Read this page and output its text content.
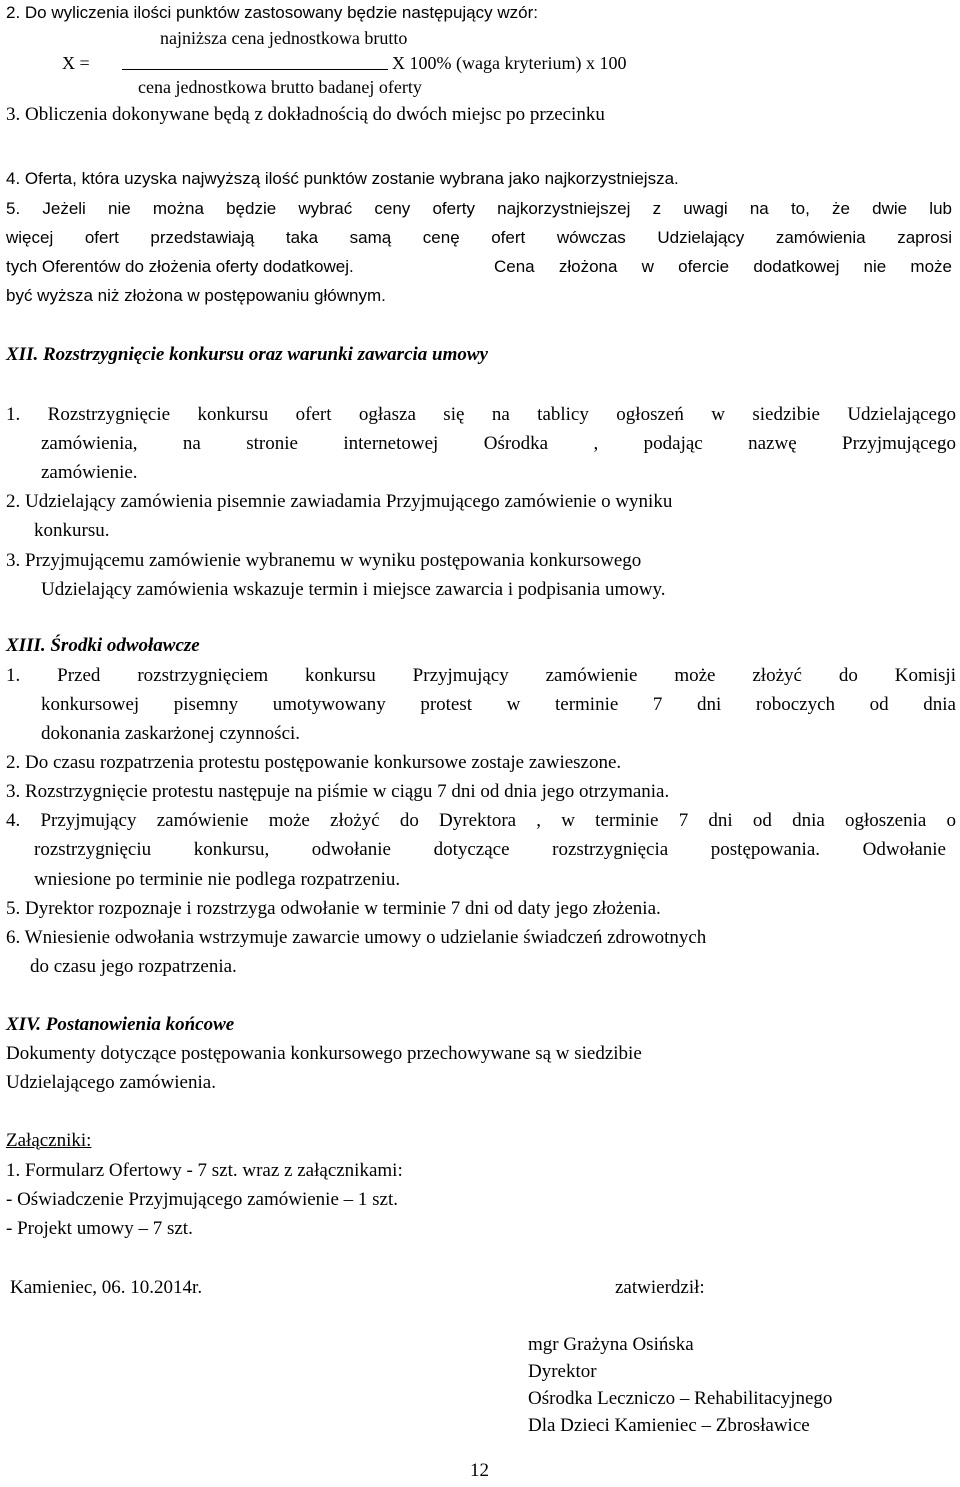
2. Do wyliczenia ilości punktów zastosowany będzie następujący wzór:
najniższa cena jednostkowa brutto
X =	X 100% (waga kryterium) x 100
cena jednostkowa brutto badanej oferty
3. Obliczenia dokonywane będą z dokładnością do dwóch miejsc po przecinku
4. Oferta, która uzyska najwyższą ilość punktów zostanie wybrana jako najkorzystniejsza.
5. Jeżeli nie można będzie wybrać ceny oferty najkorzystniejszej z uwagi na to, że dwie lub
więcej ofert przedstawiają taka samą cenę ofert wówczas Udzielający zamówienia zaprosi
tych Oferentów do złożenia oferty dodatkowej.	Cena złożona w ofercie dodatkowej nie może
być wyższa niż złożona w postępowaniu głównym.
XII. Rozstrzygnięcie konkursu oraz warunki zawarcia umowy
1. Rozstrzygnięcie konkursu ofert ogłasza się na tablicy ogłoszeń w siedzibie Udzielającego
zamówienia, na stronie internetowej Ośrodka , podając nazwę Przyjmującego
zamówienie.
2. Udzielający zamówienia pisemnie zawiadamia Przyjmującego zamówienie o wyniku
konkursu.
3. Przyjmującemu zamówienie wybranemu w wyniku postępowania konkursowego
Udzielający zamówienia wskazuje termin i miejsce zawarcia i podpisania umowy.
XIII. Środki odwoławcze
1. Przed rozstrzygnięciem konkursu Przyjmujący zamówienie może złożyć do Komisji
konkursowej pisemny umotywowany protest w terminie 7 dni roboczych od dnia
dokonania zaskarżonej czynności.
2. Do czasu rozpatrzenia protestu postępowanie konkursowe zostaje zawieszone.
3. Rozstrzygnięcie protestu następuje na piśmie w ciągu 7 dni od dnia jego otrzymania.
4. Przyjmujący zamówienie może złożyć do Dyrektora , w terminie 7 dni od dnia ogłoszenia o
rozstrzygnięciu konkursu, odwołanie dotyczące rozstrzygnięcia postępowania. Odwołanie
wniesione po terminie nie podlega rozpatrzeniu.
5. Dyrektor rozpoznaje i rozstrzyga odwołanie w terminie 7 dni od daty jego złożenia.
6. Wniesienie odwołania wstrzymuje zawarcie umowy o udzielanie świadczeń zdrowotnych
do czasu jego rozpatrzenia.
XIV. Postanowienia końcowe
Dokumenty dotyczące postępowania konkursowego przechowywane są w siedzibie
Udzielającego zamówienia.
Załączniki:
1. Formularz Ofertowy - 7 szt. wraz z załącznikami:
- Oświadczenie Przyjmującego zamówienie – 1 szt.
- Projekt umowy – 7 szt.
Kamieniec, 06. 10.2014r.	zatwierdził:
mgr Grażyna Osińska
Dyrektor
Ośrodka Leczniczo – Rehabilitacyjnego
Dla Dzieci Kamieniec – Zbrosławice
12
